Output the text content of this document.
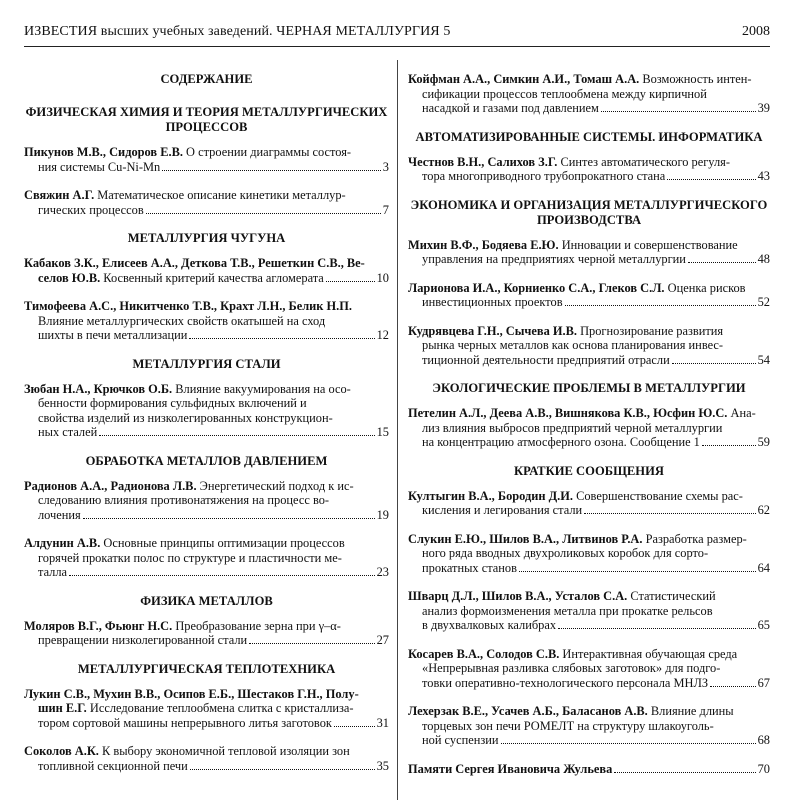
ИЗВЕСТИЯ высших учебных заведений. ЧЕРНАЯ МЕТАЛЛУРГИЯ 5	2008
СОДЕРЖАНИЕ
ФИЗИЧЕСКАЯ ХИМИЯ И ТЕОРИЯ МЕТАЛЛУРГИЧЕСКИХ ПРОЦЕССОВ
Пикунов М.В., Сидоров Е.В. О строении диаграммы состоя-
ния системы Cu-Ni-Mn	3
Свяжин А.Г. Математическое описание кинетики металлур-
гических процессов	7
МЕТАЛЛУРГИЯ ЧУГУНА
Кабаков З.К., Елисеев А.А., Деткова Т.В., Решеткин С.В., Ве-
селов Ю.В. Косвенный критерий качества агломерата	10
Тимофеева А.С., Никитченко Т.В., Крахт Л.Н., Белик Н.П.
Влияние металлургических свойств окатышей на сход
шихты в печи металлизации	12
МЕТАЛЛУРГИЯ СТАЛИ
Зюбан Н.А., Крючков О.Б. Влияние вакуумирования на осо-
бенности формирования сульфидных включений и
свойства изделий из низколегированных конструкцион-
ных сталей	15
ОБРАБОТКА МЕТАЛЛОВ ДАВЛЕНИЕМ
Радионов А.А., Радионова Л.В. Энергетический подход к ис-
следованию влияния противонатяжения на процесс во-
лочения	19
Алдунин А.В. Основные принципы оптимизации процессов
горячей прокатки полос по структуре и пластичности ме-
талла	23
ФИЗИКА МЕТАЛЛОВ
Моляров В.Г., Фьюнг Н.С. Преобразование зерна при γ–α-
превращении низколегированной стали	27
МЕТАЛЛУРГИЧЕСКАЯ ТЕПЛОТЕХНИКА
Лукин С.В., Мухин В.В., Осипов Е.Б., Шестаков Г.Н., Полу-
шин Е.Г. Исследование теплообмена слитка с кристаллиза-
тором сортовой машины непрерывного литья заготовок	31
Соколов А.К. К выбору экономичной тепловой изоляции зон
топливной секционной печи	35
Койфман А.А., Симкин А.И., Томаш А.А. Возможность интен-
сификации процессов теплообмена между кирпичной
насадкой и газами под давлением	39
АВТОМАТИЗИРОВАННЫЕ СИСТЕМЫ. ИНФОРМАТИКА
Честнов В.Н., Салихов З.Г. Синтез автоматического регуля-
тора многоприводного трубопрокатного стана	43
ЭКОНОМИКА И ОРГАНИЗАЦИЯ МЕТАЛЛУРГИЧЕСКОГО ПРОИЗВОДСТВА
Михин В.Ф., Бодяева Е.Ю. Инновации и совершенствование
управления на предприятиях черной металлургии	48
Ларионова И.А., Корниенко С.А., Глеков С.Л. Оценка рисков
инвестиционных проектов	52
Кудрявцева Г.Н., Сычева И.В. Прогнозирование развития
рынка черных металлов как основа планирования инвес-
тиционной деятельности предприятий отрасли	54
ЭКОЛОГИЧЕСКИЕ ПРОБЛЕМЫ В МЕТАЛЛУРГИИ
Петелин А.Л., Деева А.В., Вишнякова К.В., Юсфин Ю.С. Ана-
лиз влияния выбросов предприятий черной металлургии
на концентрацию атмосферного озона. Сообщение 1	59
КРАТКИЕ СООБЩЕНИЯ
Култыгин В.А., Бородин Д.И. Совершенствование схемы рас-
кисления и легирования стали	62
Слукин Е.Ю., Шилов В.А., Литвинов Р.А. Разработка размер-
ного ряда вводных двухроликовых коробок для сорто-
прокатных станов	64
Шварц Д.Л., Шилов В.А., Усталов С.А. Статистический
анализ формоизменения металла при прокатке рельсов
в двухвалковых калибрах	65
Косарев В.А., Солодов С.В. Интерактивная обучающая среда
«Непрерывная разливка слябовых заготовок» для подго-
товки оперативно-технологического персонала МНЛЗ	67
Лехерзак В.Е., Усачев А.Б., Баласанов А.В. Влияние длины
торцевых зон печи РОМЕЛТ на структуру шлакоуголь-
ной суспензии	68
Памяти Сергея Ивановича Жульева	70
